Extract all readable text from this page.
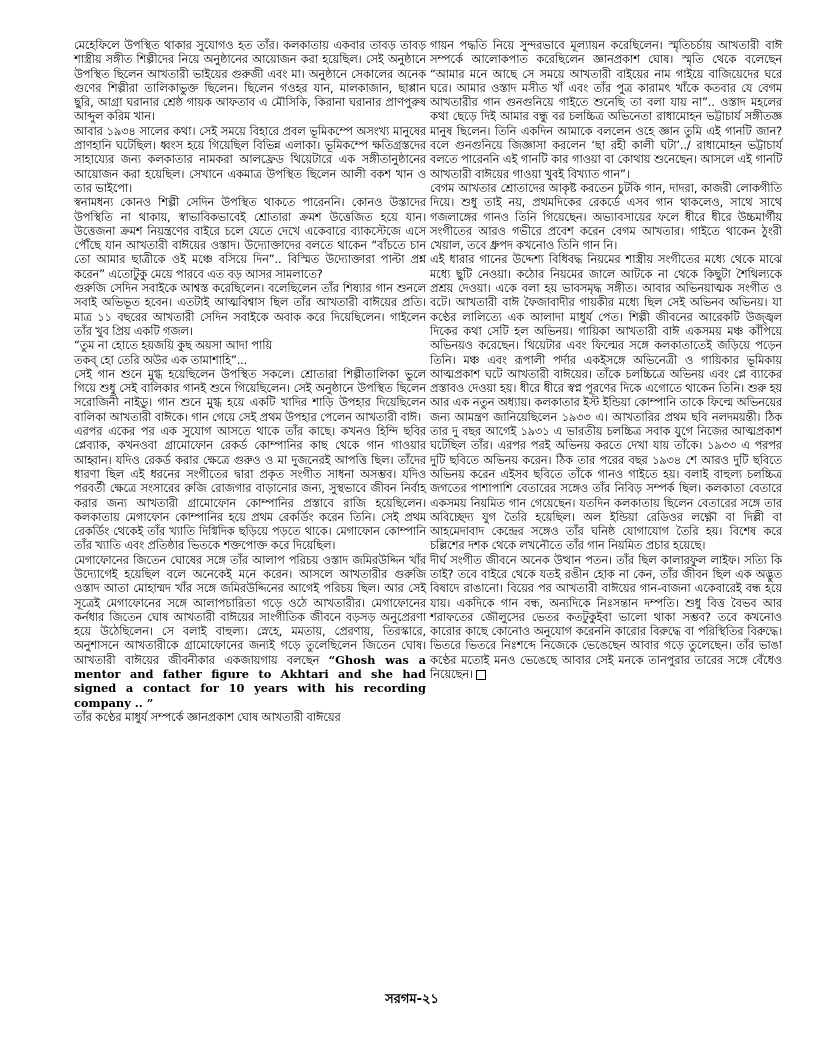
মেহেফিলে উপস্থিত থাকার সুযোগও হত তাঁর। কলকাতায় একবার তাবড় তাবড় শাস্ত্রীয় সঙ্গীত শিল্পীদের নিয়ে অনুষ্ঠানের আয়োজন করা হয়েছিল। সেই অনুষ্ঠানে উপস্থিত ছিলেন আখতারী ভাইয়ের গুরুজী এবং মা। অনুষ্ঠানে সেকালের অনেক গুণের শিল্পীরা তালিকাভুক্ত ছিলেন। ছিলেন গওহর যান, মালকাজান, ছাপ্পান ছুরি, আগ্রা ঘরানার শ্রেষ্ঠ গায়ক আফতাব এ মৌসিকি, কিরানা ঘরানার প্রাণপুরুষ আব্দুল করিম খান।

আবার ১৯৩৪ সালের কথা। সেই সময়ে বিহারে প্রবল ভূমিকম্পে অসংখ্য মানুষের প্রাণহানি ঘটেছিল। ধ্বংস হয়ে গিয়েছিল বিভিন্ন এলাকা। ভূমিকম্পে ক্ষতিগ্রস্তদের সাহায্যের জন্য কলকাতার নামকরা আলফ্রেড থিয়েটারে এক সঙ্গীতানুষ্ঠানের আয়োজন করা হয়েছিল। সেখানে একমাত্র উপস্থিত ছিলেন আলী বকশ খান ও তার ভাইপো।

স্বনামধন্য কোনও শিল্পী সেদিন উপস্থিত থাকতে পারেননি। কোনও উস্তাদের উপস্থিতি না থাকায়, স্বাভাবিকভাবেই শ্রোতারা ক্রমশ উত্তেজিত হয়ে যান। উত্তেজনা ক্রমশ নিয়ন্ত্রণের বাইরে চলে যেতে দেখে একেবারে ব্যাকস্টেজে এসে পৌঁছে যান আখতারী বাঈয়ের ওস্তাদ। উদ্যোক্তাদের বলতে থাকেন “বাঁচতে চান তো আমার ছাত্রীকে ওই মঞ্চে বসিয়ে দিন”.. বিস্মিত উদ্যোক্তারা পাল্টা প্রশ্ন করেন” এতোটুকু মেয়ে পারবে এত বড় আসর সামলাতে?

গুরুজি সেদিন সবাইকে আশ্বস্ত করেছিলেন। বলেছিলেন তাঁর শিষ্যার গান শুনলে সবাই অভিভূত হবেন। এতটাই আত্মবিশ্বাস ছিল তাঁর আখতারী বাঈয়ের প্রতি। মাত্র ১১ বছরের আখতারী সেদিন সবাইকে অবাক করে দিয়েছিলেন। গাইলেন তাঁর খুব প্রিয় একটি গজল।

“তুম না হোতে হয়জয়ি কুছ অয়সা আদা পায়ি

তকব্ হো তেরি অউর এক তামাশাহি”...

সেই গান শুনে মুগ্ধ হয়েছিলেন উপস্থিত সকলে। শ্রোতারা শিল্পীতালিকা ভুলে গিয়ে শুধু সেই বালিকার গানই শুনে গিয়েছিলেন। সেই অনুষ্ঠানে উপস্থিত ছিলেন সরোজিনী নাইডু। গান শুনে মুগ্ধ হয়ে একটি খাদির শাড়ি উপহার দিয়েছিলেন বালিকা আখতারী বাঈকে। গান গেয়ে সেই প্রথম উপহার পেলেন আখতারী বাঈ।

এরপর একের পর এক সুযোগ আসতে থাকে তাঁর কাছে। কখনও হিন্দি ছবির প্লেব্যাক, কখনওবা গ্রামোফোন রেকর্ড কোম্পানির কাছ থেকে গান গাওয়ার আহ্বান। যদিও রেকর্ড করার ক্ষেত্রে গুরুও ও মা দুজনেরই আপত্তি ছিল। তাঁদের ধারণা ছিল এই ধরনের সংগীতের দ্বারা প্রকৃত সংগীত সাধনা অসম্ভব। যদিও পরবর্তী ক্ষেত্রে সংসারের রুজি রোজগার বাড়ানোর জন্য, সুস্থভাবে জীবন নির্বাহ করার জন্য আখতারী গ্রামোফোন কোম্পানির প্রস্তাবে রাজি হয়েছিলেন। কলকাতায় মেগাফোন কোম্পানির হয়ে প্রথম রেকর্ডিং করেন তিনি। সেই প্রথম রেকর্ডিং থেকেই তাঁর খ্যাতি দিগ্বিদিক ছড়িয়ে পড়তে থাকে। মেগাফোন কোম্পানি তাঁর খ্যাতি এবং প্রতিষ্ঠার ভিতকে শক্তপোক্ত করে দিয়েছিল।

মেগাফোনের জিতেন ঘোষের সঙ্গে তাঁর আলাপ পরিচয় ওস্তাদ জমিরউদ্দিন খাঁর উদ্যোগেই হয়েছিল বলে অনেকেই মনে করেন। আসলে আখতারীর গুরুজি ওস্তাদ আতা মোহাম্মদ খাঁর সঙ্গে জমিরউদ্দিনের আগেই পরিচয় ছিল। আর সেই সূত্রেই মেগাফোনের সঙ্গে আলাপচারিতা গড়ে ওঠে আখতারীর। মেগাফোনের কর্নধার জিতেন ঘোষ আখতারী বাঈয়ের সাংগীতিক জীবনে বড়সড় অনুপ্রেরণা হয়ে উঠেছিলেন। সে বলাই বাহুল্য। স্নেহে, মমতায়, প্রেরণায়, তিরস্কারে, অনুশাসনে আখতারীকে গ্রামোফোনের জন্যই গড়ে তুলেছিলেন জিতেন ঘোষ। আখতারী বাঈয়ের জীবনীকার একজায়গায় বলছেন “Ghosh was a mentor and father figure to Akhtari and she had signed a contact for 10 years with his recording company .. ”

তাঁর কণ্ঠের মাধুর্য সম্পর্কে জ্ঞানপ্রকাশ ঘোষ আখতারী বাঈয়ের

গায়ন পদ্ধতি নিয়ে সুন্দরভাবে মূল্যায়ন করেছিলেন। স্মৃতিচর্চায় আখতারী বাঈ সম্পর্কে আলোকপাত করেছিলেন জ্ঞানপ্রকাশ ঘোষ। স্মৃতি থেকে বলেছেন “আমার মনে আছে সে সময়ে আখতারী বাইয়ের নাম গাইয়ে বাজিয়েদের ঘরে ঘরে। আমার ওস্তাদ মসীত খাঁ এবং তাঁর পুত্র কারামৎ খাঁকে কতবার যে বেগম আখতারীর গান গুনগুনিয়ে গাইতে শুনেছি তা বলা যায় না”.. ওস্তাদ মহলের কথা ছেড়ে দিই আমার বন্ধু বর চলচ্চিত্র অভিনেতা রাধামোহন ভট্টাচার্য সঙ্গীতজ্ঞ মানুষ ছিলেন। তিনি একদিন আমাকে বললেন ওহে জ্ঞান তুমি এই গানটি জান? বলে গুনগুনিয়ে জিজ্ঞাসা করলেন ‘ছা রহী কালী ঘটা’../ রাধামোহন ভট্টাচার্য বলতে পারেননি এই গানটি কার গাওয়া বা কোথায় শুনেছেন। আসলে এই গানটি আখতারী বাঈয়ের গাওয়া খুবই বিখ্যাত গান”।

বেগম আখতার শ্রোতাদের আকৃষ্ট করতেন চুটকি গান, দাদরা, কাজরী লোকগীতি দিয়ে। শুধু তাই নয়, প্রথমদিকের রেকর্ডে এসব গান থাকলেও, সাথে সাথে গজলাঙ্গের গানও তিনি গিয়েছেন। অভ্যাবসায়ের ফলে ধীরে ধীরে উচ্চমার্গীয় সংগীতের আরও গভীরে প্রবেশ করেন বেগম আখতার। গাইতে থাকেন ঠুংরী খেয়াল, তবে ধ্রুপদ কখনোও তিনি গান নি।

এই ধারার গানের উদ্দেশ্য বিধিবদ্ধ নিয়মের শাস্ত্রীয় সংগীতের মধ্যে থেকে মাঝে মধ্যে ছুটি নেওয়া। কঠোর নিয়মের জালে আটকে না থেকে কিছুটা শৈথিল্যকে প্রশ্রয় দেওয়া। একে বলা হয় ভাবসমৃদ্ধ সঙ্গীত। আবার অভিনয়াত্মক সংগীত ও বটে। আখতারী বাঈ ফৈজাবাদীর গায়কীর মধ্যে ছিল সেই অভিনব অভিনয়। যা কণ্ঠের লালিত্যে এক আলাদা মাধুর্য পেত। শিল্পী জীবনের আরেকটি উজ্জ্বল দিকের কথা সেটি হল অভিনয়। গায়িকা আখতারী বাঈ একসময় মঞ্চ কাঁপিয়ে অভিনয়ও করেছেন। থিয়েটার এবং ফিল্মের সঙ্গে কলকাতাতেই জড়িয়ে পড়েন তিনি। মঞ্চ এবং রূপালী পর্দার একইসঙ্গে অভিনেত্রী ও গায়িকার ভূমিকায় আত্মপ্রকাশ ঘটে আখতারী বাঈয়ের। তাঁকে চলচ্চিত্রে অভিনয় এবং প্লে ব্যাকের প্রস্তাবও দেওয়া হয়। ধীরে ধীরে স্বপ্ন পূরণের দিকে এগোতে থাকেন তিনি। শুরু হয় আর এক নতুন অধ্যায়। কলকাতার ইস্ট ইন্ডিয়া কোম্পানি তাকে ফিল্মে অভিনয়ের জন্য আমন্ত্রণ জানিয়েছিলেন ১৯৩৩ এ। আখতারির প্রথম ছবি নলদময়ন্তী। ঠিক তার দু বছর আগেই ১৯৩১ এ ভারতীয় চলচ্চিত্র সবাক যুগে নিজের আত্মপ্রকাশ ঘটেছিল তাঁর। এরপর পরই অভিনয় করতে দেখা যায় তাঁকে। ১৯৩৩ এ পরপর দুটি ছবিতে অভিনয় করেন। ঠিক তার পরের বছর ১৯৩৪ শে আরও দুটি ছবিতে অভিনয় করেন এইসব ছবিতে তাঁকে গানও গাইতে হয়। বলাই বাহুল্য চলচ্চিত্র জগতের পাশাপাশি বেতারের সঙ্গেও তাঁর নিবিড় সম্পর্ক ছিল। কলকাতা বেতারে একসময় নিয়মিত গান গেয়েছেন। যতদিন কলকাতায় ছিলেন বেতারের সঙ্গে তার অবিচ্ছেদ্য যুগ তৈরি হয়েছিল। অল ইন্ডিয়া রেডিওর লক্ষ্ণৌ বা দিল্লী বা আহমেদাবাদ কেন্দ্রের সঙ্গেও তাঁর ঘনিষ্ঠ যোগাযোগ তৈরি হয়। বিশেষ করে চল্লিশের দশক থেকে লখনৌতে তাঁর গান নিয়মিত প্রচার হয়েছে।

দীর্ঘ সংগীত জীবনে অনেক উত্থান পতন। তাঁর ছিল কালারফুল লাইফ। সত্যি কি তাই? তবে বাইরে থেকে যতই রঙীন হোক না কেন, তাঁর জীবন ছিল এক অদ্ভুত বিষাদে রাঙানো। বিয়ের পর আখতারী বাঈয়ের গান-বাজনা একেবারেই বন্ধ হয়ে যায়। একদিকে গান বন্ধ, অন্যদিকে নিঃসন্তান দম্পতি। শুধু বিত্ত বৈভব আর শরাফতের জৌলুসের ভেতর কতটুকুইবা ভালো থাকা সম্ভব? তবে কখনোও কারোর কাছে কোনোও অনুযোগ করেননি কারোর বিরুদ্ধে বা পরিস্থিতির বিরুদ্ধে। ভিতরে ভিতরে নিঃশব্দে নিজেকে ভেঙেছেন আবার গড়ে তুলেছেন। তাঁর ভাঙা কণ্ঠের মতোই মনও ভেঙেছে আবার সেই মনকে তানপুরার তারের সঙ্গে বেঁধেও নিয়েছেন।

সরগম-২১
